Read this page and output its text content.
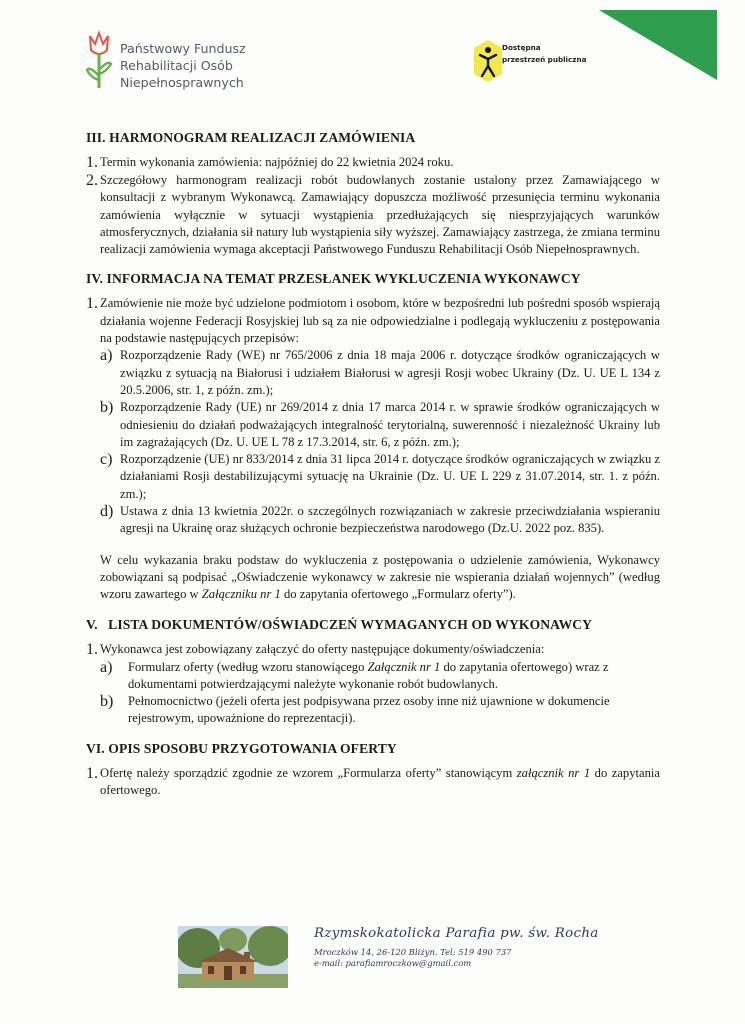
Państwowy Fundusz
Rehabilitacji Osób
Niepełnosprawnych
Dostępna
przestrzeń publiczna
III. HARMONOGRAM REALIZACJI ZAMÓWIENIA
1. Termin wykonania zamówienia: najpóźniej do 22 kwietnia 2024 roku.

2. Szczegółowy harmonogram realizacji robót budowlanych zostanie ustalony przez Zamawiającego w konsultacji z wybranym Wykonawcą. Zamawiający dopuszcza możliwość przesunięcia terminu wykonania zamówienia wyłącznie w sytuacji wystąpienia przedłużających się niesprzyjających warunków atmosferycznych, działania sił natury lub wystąpienia siły wyższej. Zamawiający zastrzega, że zmiana terminu realizacji zamówienia wymaga akceptacji Państwowego Funduszu Rehabilitacji Osób Niepełnosprawnych.

IV. INFORMACJA NA TEMAT PRZESŁANEK WYKLUCZENIA WYKONAWCY
1. Zamówienie nie może być udzielone podmiotom i osobom, które w bezpośredni lub pośredni sposób wspierają działania wojenne Federacji Rosyjskiej lub są za nie odpowiedzialne i podlegają wykluczeniu z postępowania na podstawie następujących przepisów:

a) Rozporządzenie Rady (WE) nr 765/2006 z dnia 18 maja 2006 r. dotyczące środków ograniczających w związku z sytuacją na Białorusi i udziałem Białorusi w agresji Rosji wobec Ukrainy (Dz. U. UE L 134 z 20.5.2006, str. 1, z późn. zm.);

b) Rozporządzenie Rady (UE) nr 269/2014 z dnia 17 marca 2014 r. w sprawie środków ograniczających w odniesieniu do działań podważających integralność terytorialną, suwerenność i niezależność Ukrainy lub im zagrażających (Dz. U. UE L 78 z 17.3.2014, str. 6, z późn. zm.);

c) Rozporządzenie (UE) nr 833/2014 z dnia 31 lipca 2014 r. dotyczące środków ograniczających w związku z działaniami Rosji destabilizującymi sytuację na Ukrainie (Dz. U. UE L 229 z 31.07.2014, str. 1. z późn. zm.);

d) Ustawa z dnia 13 kwietnia 2022r. o szczególnych rozwiązaniach w zakresie przeciwdziałania wspieraniu agresji na Ukrainę oraz służących ochronie bezpieczeństwa narodowego (Dz.U. 2022 poz. 835).

W celu wykazania braku podstaw do wykluczenia z postępowania o udzielenie zamówienia, Wykonawcy zobowiązani są podpisać „Oświadczenie wykonawcy w zakresie nie wspierania działań wojennych” (według wzoru zawartego w Załączniku nr 1 do zapytania ofertowego „Formularz oferty”).

V.   LISTA DOKUMENTÓW/OŚWIADCZEŃ WYMAGANYCH OD WYKONAWCY
1. Wykonawca jest zobowiązany załączyć do oferty następujące dokumenty/oświadczenia:

a)	Formularz oferty (według wzoru stanowiącego Załącznik nr 1 do zapytania ofertowego) wraz z dokumentami potwierdzającymi należyte wykonanie robót budowlanych.

b)	Pełnomocnictwo (jeżeli oferta jest podpisywana przez osoby inne niż ujawnione w dokumencie rejestrowym, upoważnione do reprezentacji).

VI. OPIS SPOSOBU PRZYGOTOWANIA OFERTY
1. Ofertę należy sporządzić zgodnie ze wzorem „Formularza oferty” stanowiącym załącznik nr 1 do zapytania ofertowego.

Rzymskokatolicka Parafia pw. św. Rocha
Mroczków 14, 26-120 Bliżyn. Tel: 519 490 737
e-mail: parafiamroczkow@gmail.com
